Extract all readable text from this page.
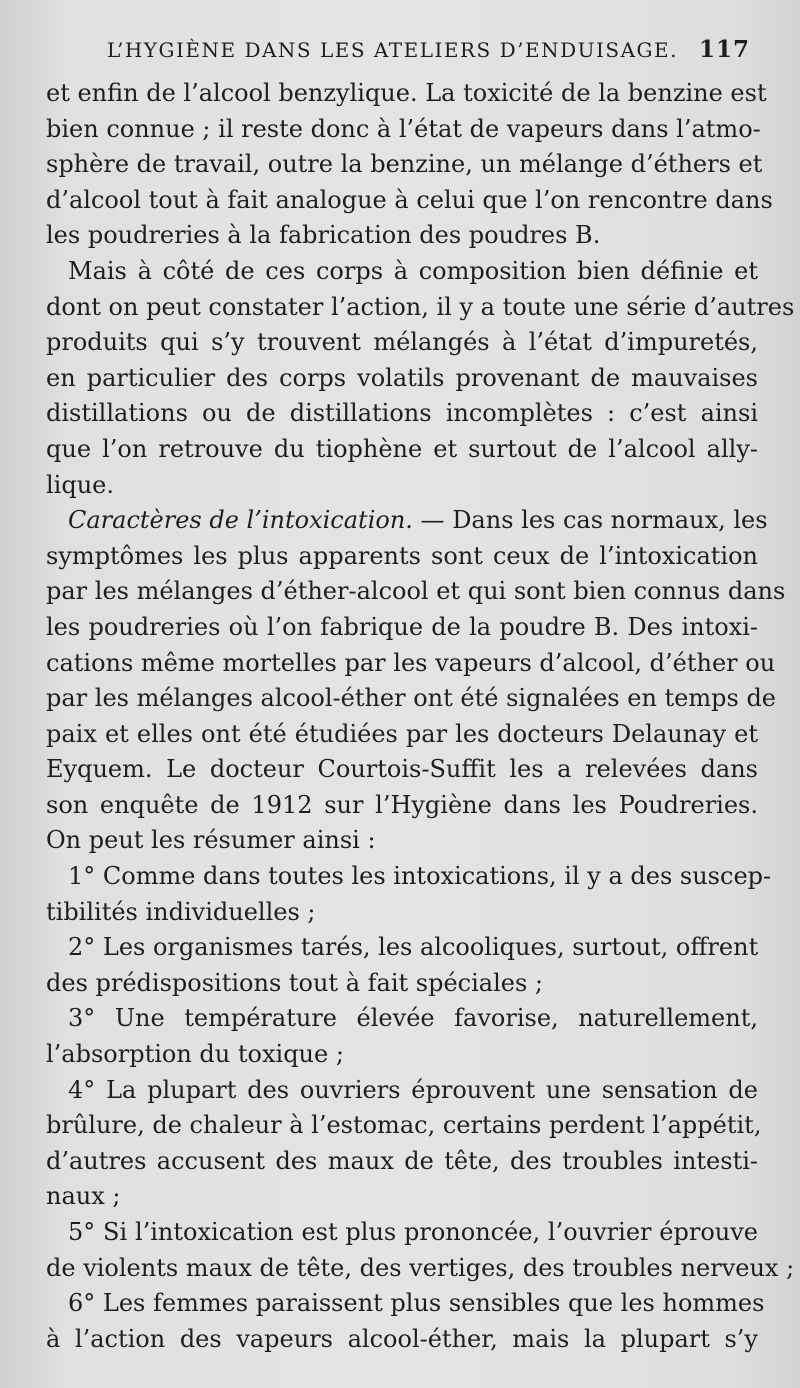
L’HYGIÈNE DANS LES ATELIERS D’ENDUISAGE. 117
et enfin de l’alcool benzylique. La toxicité de la benzine est
bien connue ; il reste donc à l’état de vapeurs dans l’atmo-
sphère de travail, outre la benzine, un mélange d’éthers et
d’alcool tout à fait analogue à celui que l’on rencontre dans
les poudreries à la fabrication des poudres B.
Mais à côté de ces corps à composition bien définie et
dont on peut constater l’action, il y a toute une série d’autres
produits qui s’y trouvent mélangés à l’état d’impuretés,
en particulier des corps volatils provenant de mauvaises
distillations ou de distillations incomplètes : c’est ainsi
que l’on retrouve du tiophène et surtout de l’alcool ally-
lique.
Caractères de l’intoxication. — Dans les cas normaux, les
symptômes les plus apparents sont ceux de l’intoxication
par les mélanges d’éther-alcool et qui sont bien connus dans
les poudreries où l’on fabrique de la poudre B. Des intoxi-
cations même mortelles par les vapeurs d’alcool, d’éther ou
par les mélanges alcool-éther ont été signalées en temps de
paix et elles ont été étudiées par les docteurs Delaunay et
Eyquem. Le docteur Courtois-Suffit les a relevées dans
son enquête de 1912 sur l’Hygiène dans les Poudreries.
On peut les résumer ainsi :
1° Comme dans toutes les intoxications, il y a des suscep-
tibilités individuelles ;
2° Les organismes tarés, les alcooliques, surtout, offrent
des prédispositions tout à fait spéciales ;
3° Une température élevée favorise, naturellement,
l’absorption du toxique ;
4° La plupart des ouvriers éprouvent une sensation de
brûlure, de chaleur à l’estomac, certains perdent l’appétit,
d’autres accusent des maux de tête, des troubles intesti-
naux ;
5° Si l’intoxication est plus prononcée, l’ouvrier éprouve
de violents maux de tête, des vertiges, des troubles nerveux ;
6° Les femmes paraissent plus sensibles que les hommes
à l’action des vapeurs alcool-éther, mais la plupart s’y
